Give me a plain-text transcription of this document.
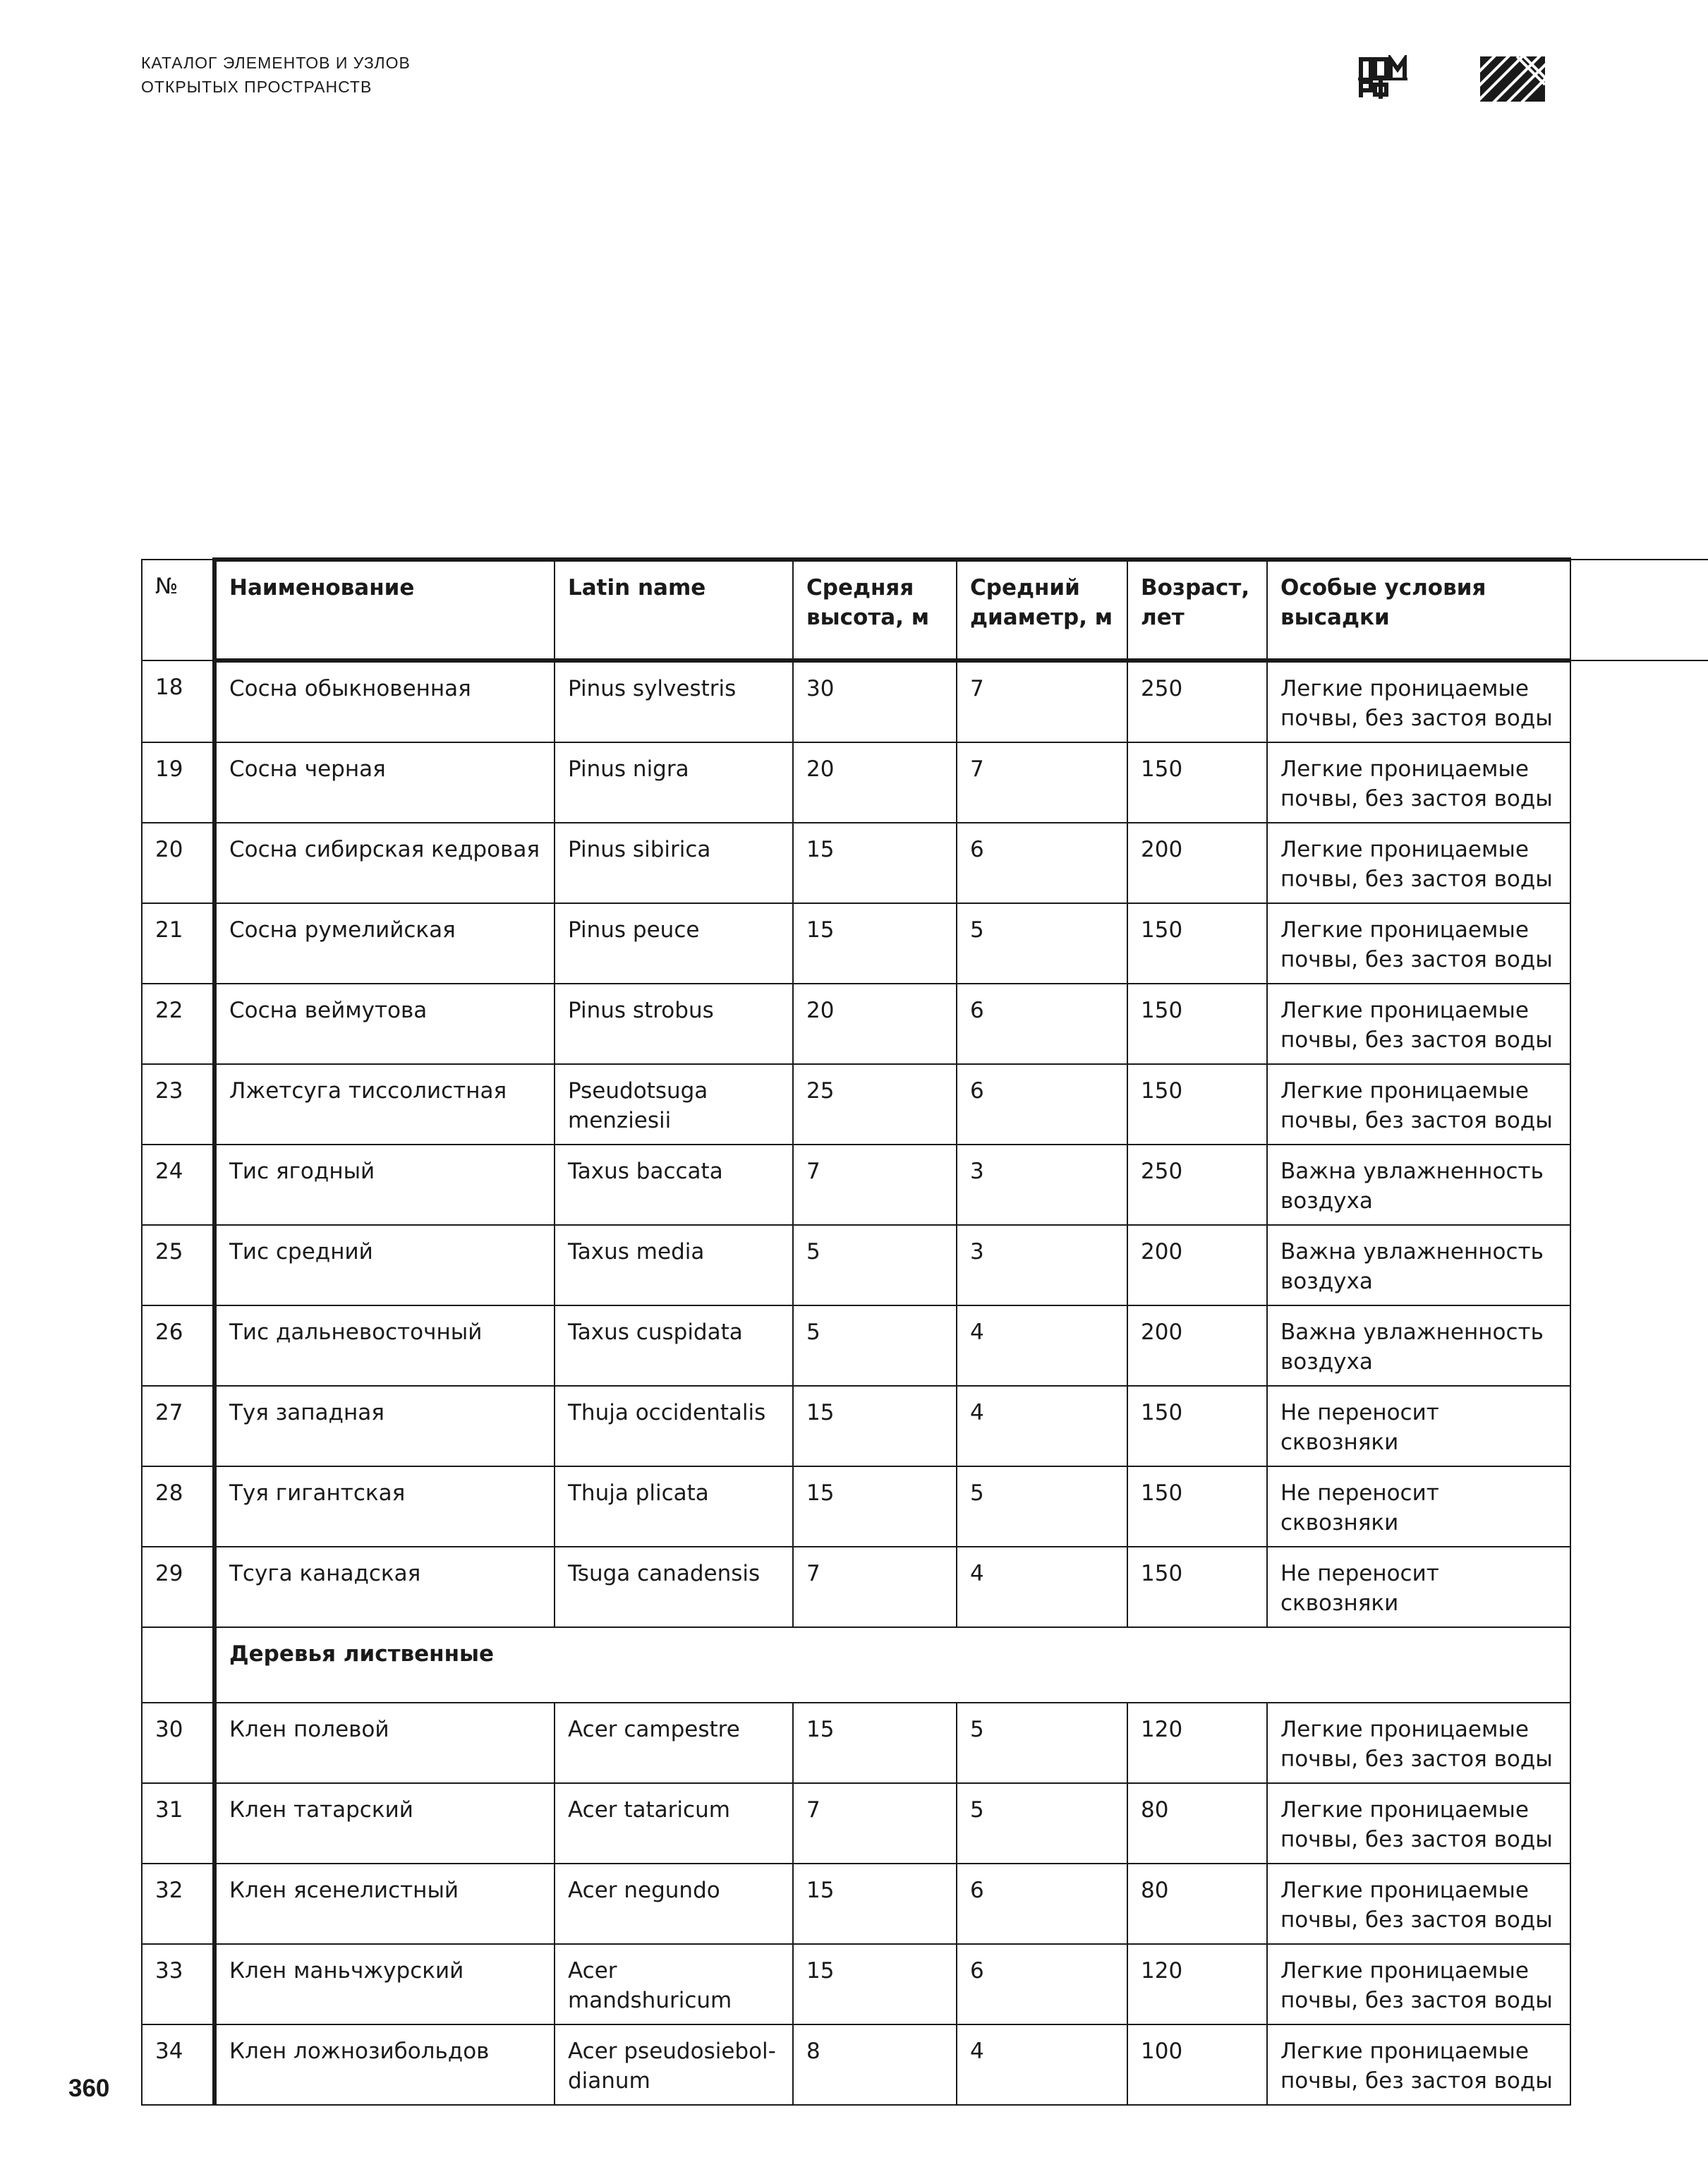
КАТАЛОГ ЭЛЕМЕНТОВ И УЗЛОВ
ОТКРЫТЫХ ПРОСТРАНСТВ
№	Наименование	Latin name	Средняя высота, м	Средний диаметр, м	Возраст, лет	Особые условия высадки	
18	Сосна обыкновенная	Pinus sylvestris	30	7	250	Легкие проницаемые почвы, без застоя воды	
19	Сосна черная	Pinus nigra	20	7	150	Легкие проницаемые почвы, без застоя воды	
20	Сосна сибирская кедровая	Pinus sibirica	15	6	200	Легкие проницаемые почвы, без застоя воды	
21	Сосна румелийская	Pinus peuce	15	5	150	Легкие проницаемые почвы, без застоя воды	
22	Сосна веймутова	Pinus strobus	20	6	150	Легкие проницаемые почвы, без застоя воды	
23	Лжетсуга тиссолистная	Pseudotsuga menziesii	25	6	150	Легкие проницаемые почвы, без застоя воды	
24	Тис ягодный	Taxus baccata	7	3	250	Важна увлажненность воздуха	
25	Тис средний	Taxus media	5	3	200	Важна увлажненность воздуха	
26	Тис дальневосточный	Taxus cuspidata	5	4	200	Важна увлажненность воздуха	
27	Туя западная	Thuja occidentalis	15	4	150	Не переносит сквозняки	
28	Туя гигантская	Thuja plicata	15	5	150	Не переносит сквозняки	
29	Тсуга канадская	Tsuga canadensis	7	4	150	Не переносит сквозняки	
	Деревья лиственные						
30	Клен полевой	Acer campestre	15	5	120	Легкие проницаемые почвы, без застоя воды	
31	Клен татарский	Acer tataricum	7	5	80	Легкие проницаемые почвы, без застоя воды	
32	Клен ясенелистный	Acer negundo	15	6	80	Легкие проницаемые почвы, без застоя воды	
33	Клен маньчжурский	Acer mandshuricum	15	6	120	Легкие проницаемые почвы, без застоя воды	
34	Клен ложнозибольдов	Acer pseudosiebol-dianum	8	4	100	Легкие проницаемые почвы, без застоя воды	
360
